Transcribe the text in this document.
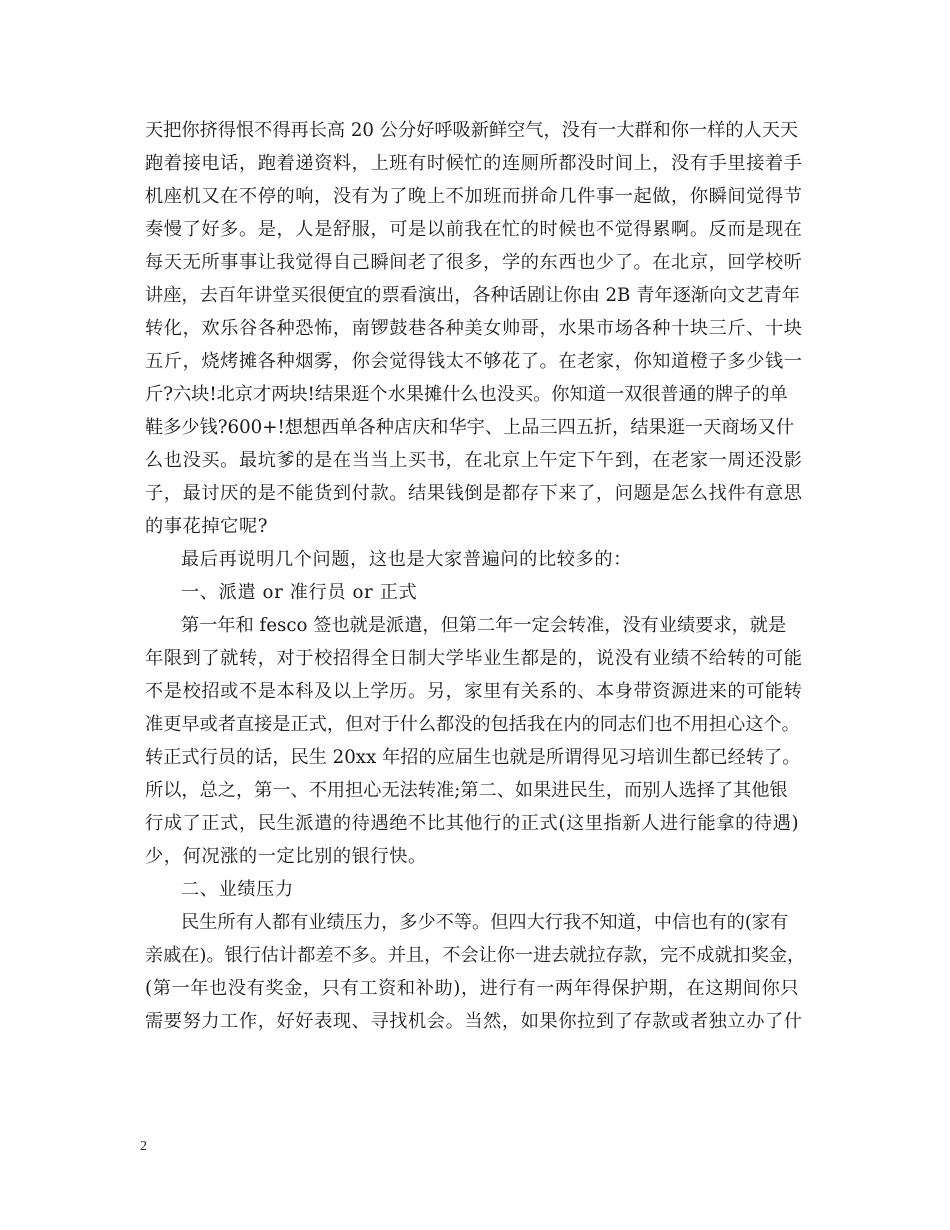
天把你挤得恨不得再长高 20 公分好呼吸新鲜空气，没有一大群和你一样的人天天
跑着接电话，跑着递资料，上班有时候忙的连厕所都没时间上，没有手里接着手
机座机又在不停的响，没有为了晚上不加班而拼命几件事一起做，你瞬间觉得节
奏慢了好多。是，人是舒服，可是以前我在忙的时候也不觉得累啊。反而是现在
每天无所事事让我觉得自己瞬间老了很多，学的东西也少了。在北京，回学校听
讲座，去百年讲堂买很便宜的票看演出，各种话剧让你由 2B 青年逐渐向文艺青年
转化，欢乐谷各种恐怖，南锣鼓巷各种美女帅哥，水果市场各种十块三斤、十块
五斤，烧烤摊各种烟雾，你会觉得钱太不够花了。在老家，你知道橙子多少钱一
斤?六块!北京才两块!结果逛个水果摊什么也没买。你知道一双很普通的牌子的单
鞋多少钱?600+!想想西单各种店庆和华宇、上品三四五折，结果逛一天商场又什
么也没买。最坑爹的是在当当上买书，在北京上午定下午到，在老家一周还没影
子，最讨厌的是不能货到付款。结果钱倒是都存下来了，问题是怎么找件有意思
的事花掉它呢?
最后再说明几个问题，这也是大家普遍问的比较多的：
一、派遣 or 准行员 or 正式
第一年和 fesco 签也就是派遣，但第二年一定会转准，没有业绩要求，就是
年限到了就转，对于校招得全日制大学毕业生都是的，说没有业绩不给转的可能
不是校招或不是本科及以上学历。另，家里有关系的、本身带资源进来的可能转
准更早或者直接是正式，但对于什么都没的包括我在内的同志们也不用担心这个。
转正式行员的话，民生 20xx 年招的应届生也就是所谓得见习培训生都已经转了。
所以，总之，第一、不用担心无法转准;第二、如果进民生，而别人选择了其他银
行成了正式，民生派遣的待遇绝不比其他行的正式(这里指新人进行能拿的待遇)
少，何况涨的一定比别的银行快。
二、业绩压力
民生所有人都有业绩压力，多少不等。但四大行我不知道，中信也有的(家有
亲戚在)。银行估计都差不多。并且，不会让你一进去就拉存款，完不成就扣奖金，
(第一年也没有奖金，只有工资和补助)，进行有一两年得保护期，在这期间你只
需要努力工作，好好表现、寻找机会。当然，如果你拉到了存款或者独立办了什
2
